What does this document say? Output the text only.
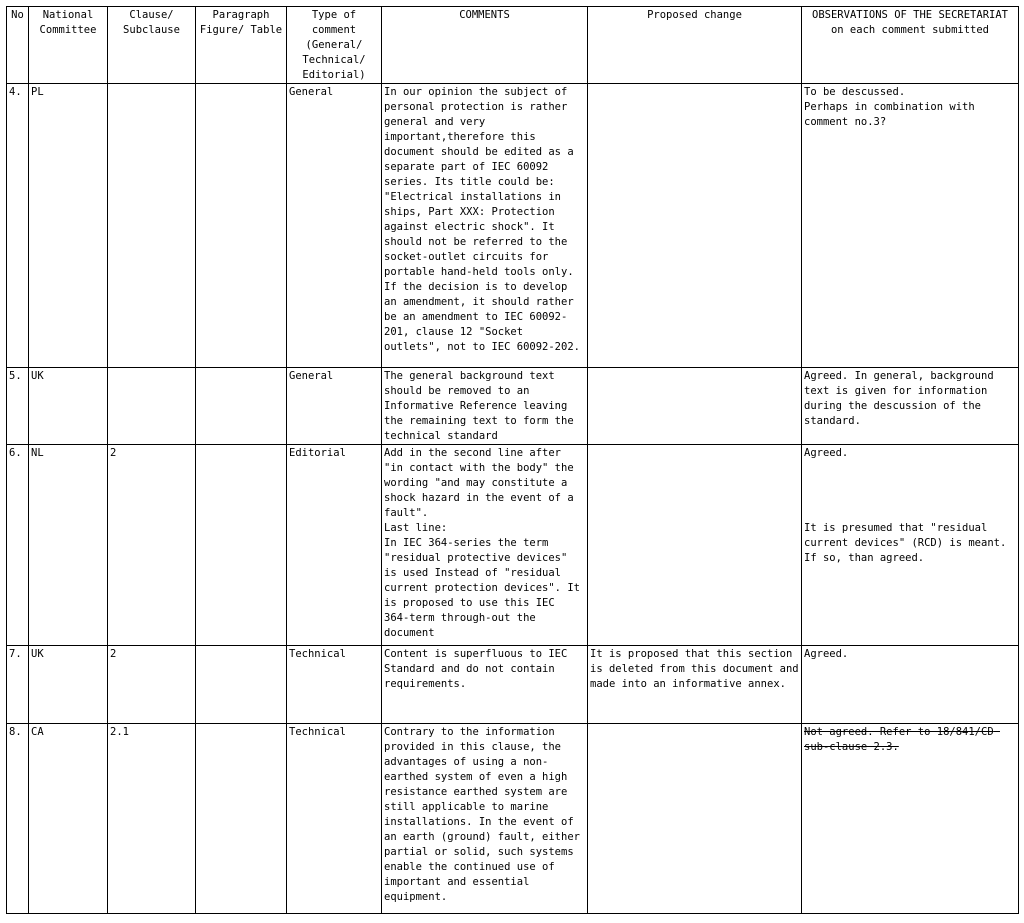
No	National Committee	Clause/ Subclause	Paragraph Figure/ Table	Type of comment (General/ Technical/ Editorial)	COMMENTS	Proposed change	OBSERVATIONS OF THE SECRETARIAT on each comment submitted
4.	PL			General	In our opinion the subject of personal protection is rather general and very important,therefore this document should be edited as a separate part of IEC 60092 series. Its title could be: "Electrical installations in ships, Part XXX: Protection against electric shock". It should not be referred to the socket-outlet circuits for portable hand-held tools only.
If the decision is to develop an amendment, it should rather be an amendment to IEC 60092-201, clause 12 "Socket outlets", not to IEC 60092-202.		To be descussed.
Perhaps in combination with comment no.3?
5.	UK			General	The general background text should be removed to an Informative Reference leaving the remaining text to form the technical standard		Agreed. In general, background text is given for information during the descussion of the standard.
6.	NL	2		Editorial	Add in the second line after "in contact with the body" the wording "and may constitute a shock hazard in the event of a fault".
Last line:
In IEC 364-series the term "residual protective devices" is used Instead of "residual current protection devices". It is proposed to use this IEC 364-term through-out the document		Agreed.

It is presumed that "residual current devices" (RCD) is meant. If so, than agreed.
7.	UK	2		Technical	Content is superfluous to IEC Standard and do not contain requirements.	It is proposed that this section is deleted from this document and made into an informative annex.	Agreed.
8.	CA	2.1		Technical	Contrary to the information provided in this clause, the advantages of using a non-earthed system of even a high resistance earthed system are still applicable to marine installations. In the event of an earth (ground) fault, either partial or solid, such systems enable the continued use of important and essential equipment.		Not agreed. Refer to 18/841/CD sub-clause 2.3.
